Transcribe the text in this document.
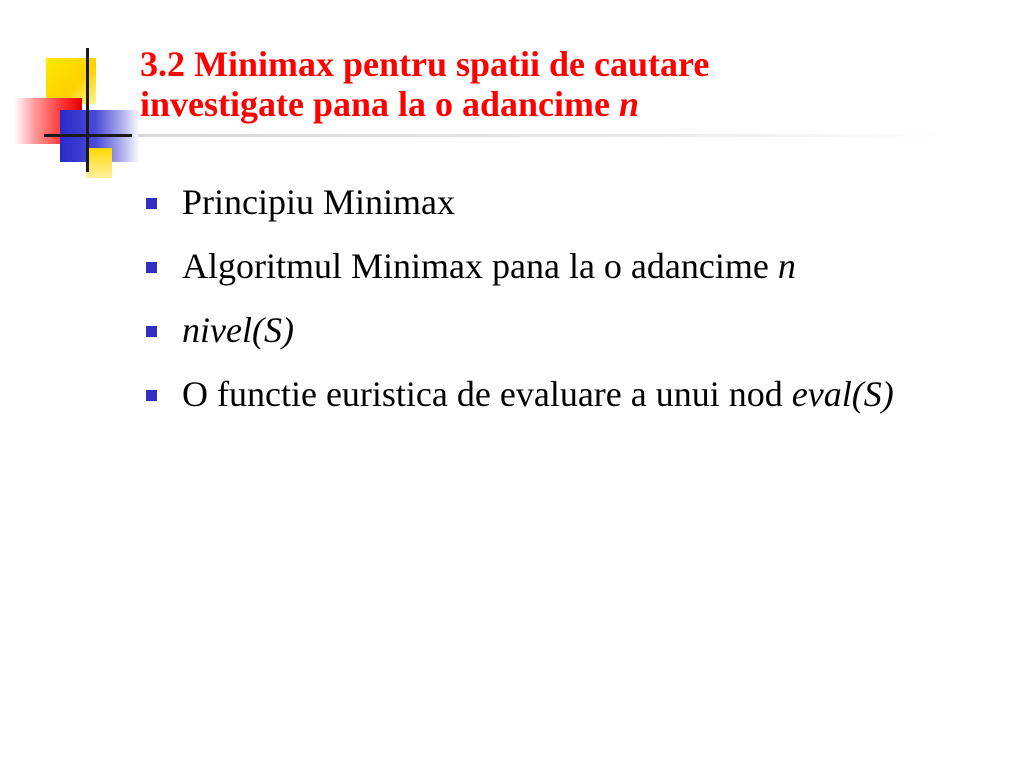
3.2 Minimax pentru spatii de cautare
investigate pana la o adancime n
Principiu Minimax
Algoritmul Minimax pana la o adancime n
nivel(S)
O functie euristica de evaluare a unui nod eval(S)
